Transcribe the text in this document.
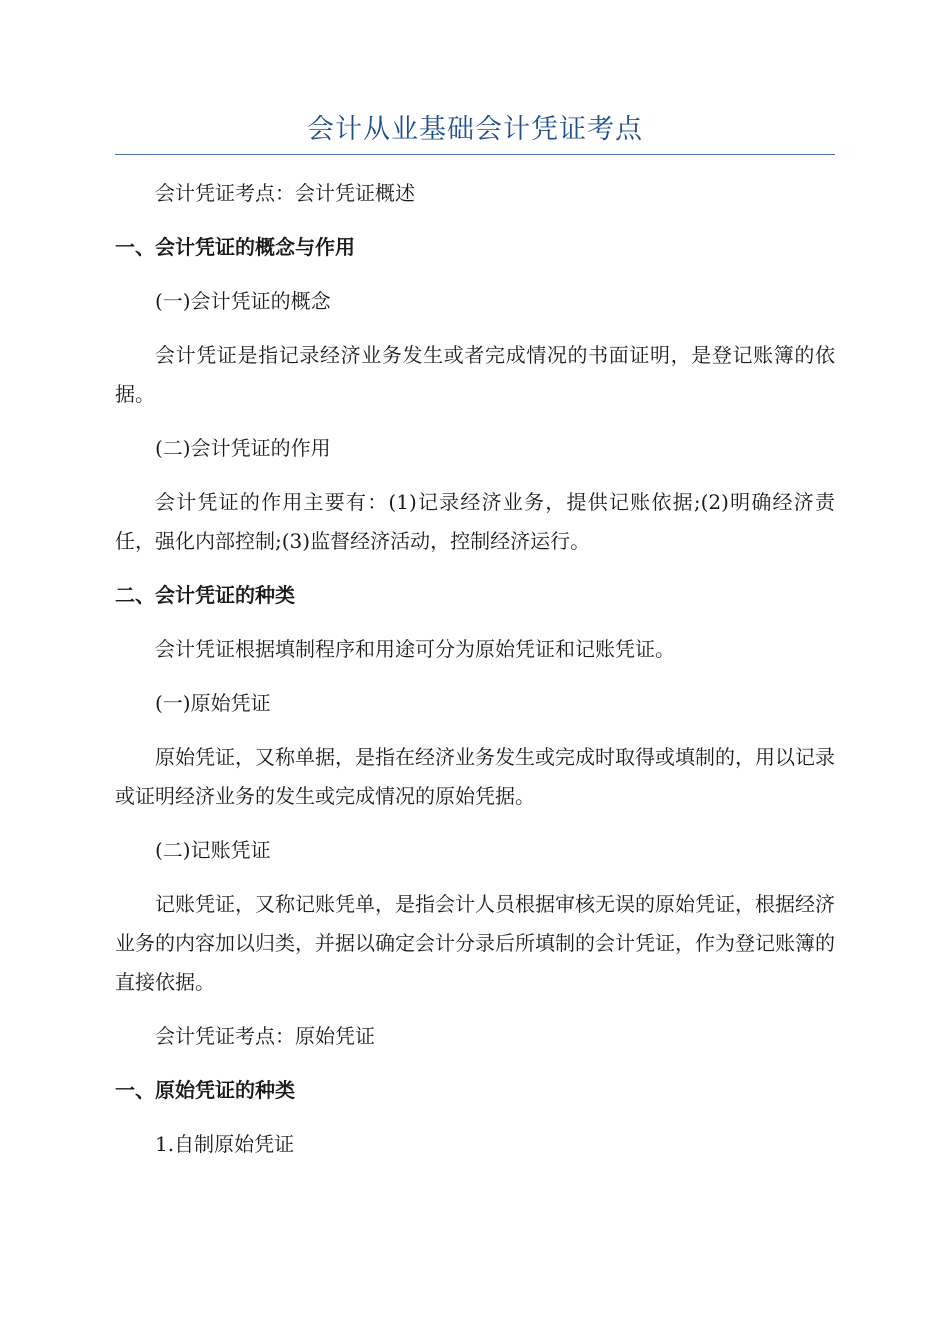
会计从业基础会计凭证考点

会计凭证考点：会计凭证概述

一、会计凭证的概念与作用

(一)会计凭证的概念

会计凭证是指记录经济业务发生或者完成情况的书面证明，是登记账簿的依据。

(二)会计凭证的作用

会计凭证的作用主要有：(1)记录经济业务，提供记账依据;(2)明确经济责任，强化内部控制;(3)监督经济活动，控制经济运行。

二、会计凭证的种类

会计凭证根据填制程序和用途可分为原始凭证和记账凭证。

(一)原始凭证

原始凭证，又称单据，是指在经济业务发生或完成时取得或填制的，用以记录或证明经济业务的发生或完成情况的原始凭据。

(二)记账凭证

记账凭证，又称记账凭单，是指会计人员根据审核无误的原始凭证，根据经济业务的内容加以归类，并据以确定会计分录后所填制的会计凭证，作为登记账簿的直接依据。

会计凭证考点：原始凭证

一、原始凭证的种类

1.自制原始凭证
